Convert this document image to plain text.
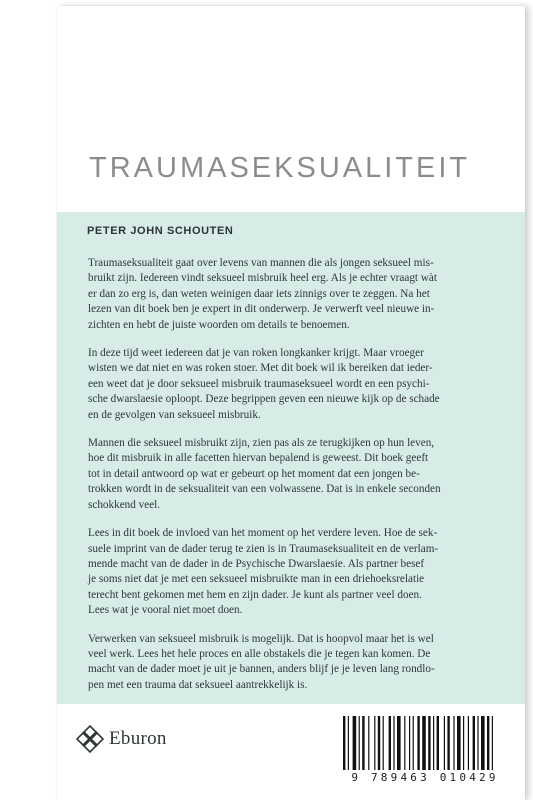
TRAUMASEKSUALITEIT
PETER JOHN SCHOUTEN

Traumaseksualiteit gaat over levens van mannen die als jongen seksueel mis-
bruikt zijn. Iedereen vindt seksueel misbruik heel erg. Als je echter vraagt wàt
er dan zo erg is, dan weten weinigen daar iets zinnigs over te zeggen. Na het
lezen van dit boek ben je expert in dit onderwerp. Je verwerft veel nieuwe in-
zichten en hebt de juiste woorden om details te benoemen.

In deze tijd weet iedereen dat je van roken longkanker krijgt. Maar vroeger
wisten we dat niet en was roken stoer. Met dit boek wil ik bereiken dat ieder-
een weet dat je door seksueel misbruik traumaseksueel wordt en een psychi-
sche dwarslaesie oploopt. Deze begrippen geven een nieuwe kijk op de schade
en de gevolgen van seksueel misbruik.

Mannen die seksueel misbruikt zijn, zien pas als ze terugkijken op hun leven,
hoe dit misbruik in alle facetten hiervan bepalend is geweest. Dit boek geeft
tot in detail antwoord op wat er gebeurt op het moment dat een jongen be-
trokken wordt in de seksualiteit van een volwassene. Dat is in enkele seconden
schokkend veel.

Lees in dit boek de invloed van het moment op het verdere leven. Hoe de sek-
suele imprint van de dader terug te zien is in Traumaseksualiteit en de verlam-
mende macht van de dader in de Psychische Dwarslaesie. Als partner besef
je soms niet dat je met een seksueel misbruikte man in een driehoeksrelatie
terecht bent gekomen met hem en zijn dader. Je kunt als partner veel doen.
Lees wat je vooral niet moet doen.

Verwerken van seksueel misbruik is mogelijk. Dat is hoopvol maar het is wel
veel werk. Lees het hele proces en alle obstakels die je tegen kan komen. De
macht van de dader moet je uit je bannen, anders blijf je je leven lang rondlo-
pen met een trauma dat seksueel aantrekkelijk is.

Eburon
9 789463 010429
